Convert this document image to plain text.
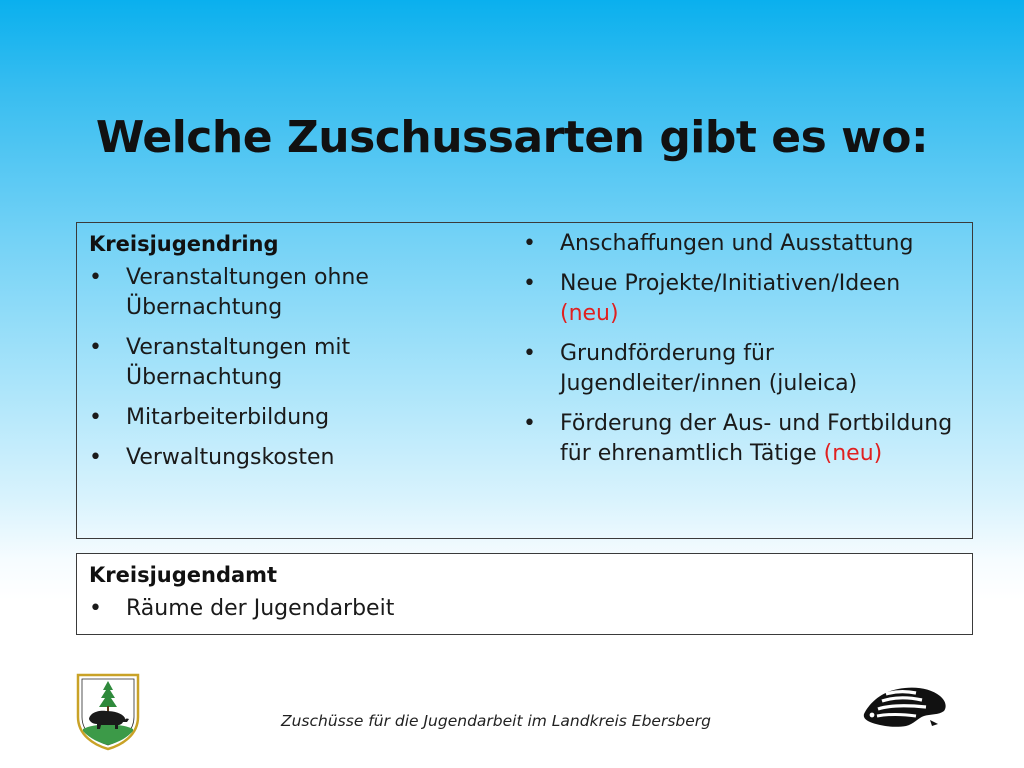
Welche Zuschussarten gibt es wo:
Kreisjugendring
•	Veranstaltungen ohne Übernachtung
•	Veranstaltungen mit Übernachtung
•	Mitarbeiterbildung
•	Verwaltungskosten
•	Anschaffungen und Ausstattung
•	Neue Projekte/Initiativen/Ideen (neu)
•	Grundförderung für Jugendleiter/innen (juleica)
•	Förderung der Aus- und Fortbildung für ehrenamtlich Tätige (neu)
Kreisjugendamt
•	Räume der Jugendarbeit
Zuschüsse für die Jugendarbeit im Landkreis Ebersberg
